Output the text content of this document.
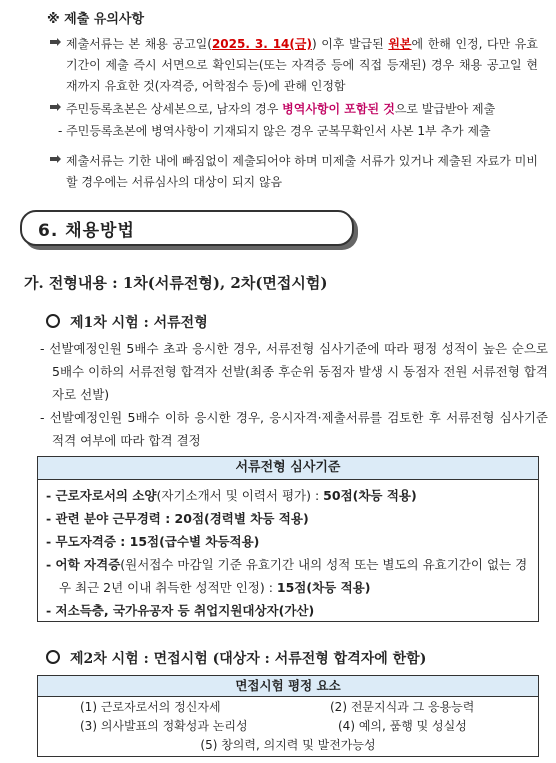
※ 제출 유의사항
제출서류는 본 채용 공고일(2025. 3. 14(금)) 이후 발급된 원본에 한해 인정, 다만 유효기간이 제출 즉시 서면으로 확인되는(또는 자격증 등에 직접 등재된) 경우 채용 공고일 현재까지 유효한 것(자격증, 어학점수 등)에 관해 인정함
주민등록초본은 상세본으로, 남자의 경우 병역사항이 포함된 것으로 발급받아 제출
- 주민등록초본에 병역사항이 기재되지 않은 경우 군복무확인서 사본 1부 추가 제출
제출서류는 기한 내에 빠짐없이 제출되어야 하며 미제출 서류가 있거나 제출된 자료가 미비할 경우에는 서류심사의 대상이 되지 않음
6. 채용방법
가. 전형내용 : 1차(서류전형), 2차(면접시험)
제1차 시험 : 서류전형
- 선발예정인원 5배수 초과 응시한 경우, 서류전형 심사기준에 따라 평정 성적이 높은 순으로 5배수 이하의 서류전형 합격자 선발(최종 후순위 동점자 발생 시 동점자 전원 서류전형 합격자로 선발)
- 선발예정인원 5배수 이하 응시한 경우, 응시자격·제출서류를 검토한 후 서류전형 심사기준 적격 여부에 따라 합격 결정
서류전형 심사기준
- 근로자로서의 소양(자기소개서 및 이력서 평가) : 50점(차등 적용)
- 관련 분야 근무경력 : 20점(경력별 차등 적용)
- 무도자격증 : 15점(급수별 차등적용)
- 어학 자격증(원서접수 마감일 기준 유효기간 내의 성적 또는 별도의 유효기간이 없는 경우 최근 2년 이내 취득한 성적만 인정) : 15점(차등 적용)
- 저소득층, 국가유공자 등 취업지원대상자(가산)
제2차 시험 : 면접시험 (대상자 : 서류전형 합격자에 한함)
면접시험 평정 요소
(1) 근로자로서의 정신자세	(2) 전문지식과 그 응용능력
(3) 의사발표의 정확성과 논리성	(4) 예의, 품행 및 성실성
(5) 창의력, 의지력 및 발전가능성
